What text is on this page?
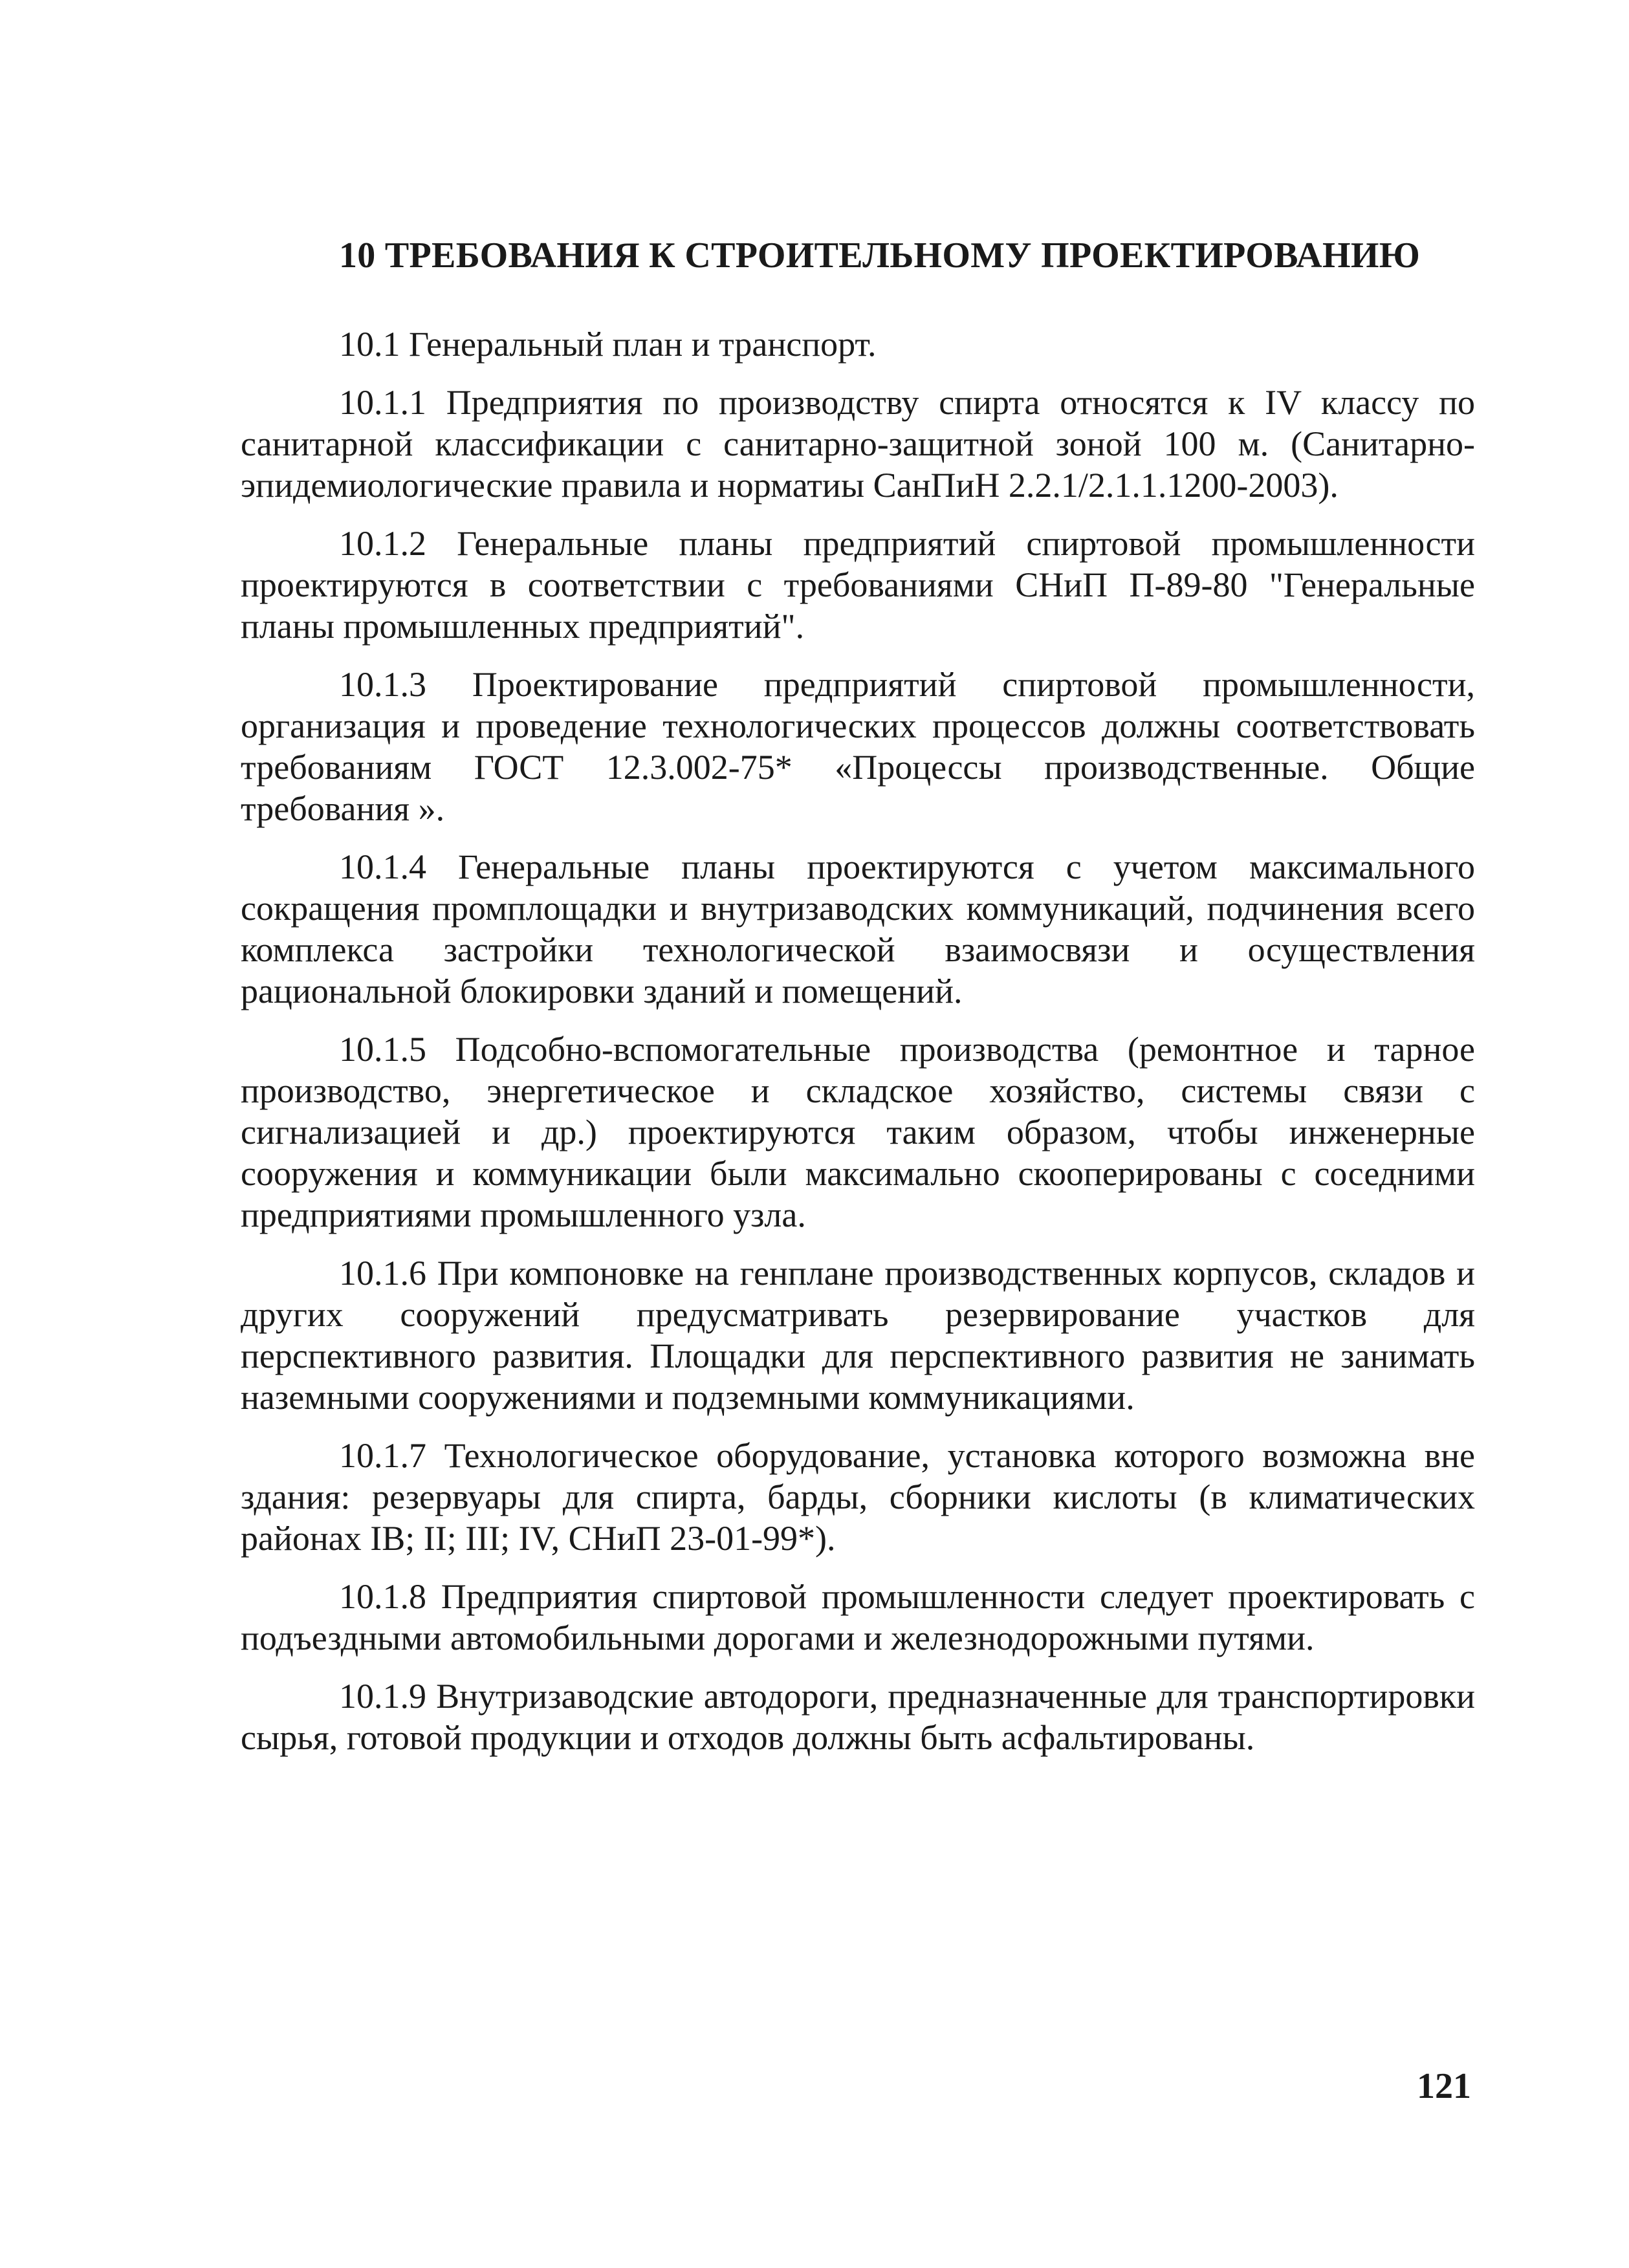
10 ТРЕБОВАНИЯ К СТРОИТЕЛЬНОМУ ПРОЕКТИРОВАНИЮ

10.1 Генеральный план и транспорт.

10.1.1 Предприятия по производству спирта относятся к IV классу по санитарной классификации с санитарно-защитной зоной 100 м. (Санитарно-эпидемиологические правила и норматиы СанПиН 2.2.1/2.1.1.1200-2003).

10.1.2 Генеральные планы предприятий спиртовой промышленности проектируются в соответствии с требованиями СНиП П-89-80 "Генеральные планы промышленных предприятий".

10.1.3 Проектирование предприятий спиртовой промышленности, организация и проведение технологических процессов должны соответствовать требованиям ГОСТ 12.3.002-75* «Процессы производственные. Общие требования ».

10.1.4 Генеральные планы проектируются с учетом максимального сокращения промплощадки и внутризаводских коммуникаций, подчинения всего комплекса застройки технологической взаимосвязи и осуществления рациональной блокировки зданий и помещений.

10.1.5 Подсобно-вспомогательные производства (ремонтное и тарное производство, энергетическое и складское хозяйство, системы связи с сигнализацией и др.) проектируются таким образом, чтобы инженерные сооружения и коммуникации были максимально скооперированы с соседними предприятиями промышленного узла.

10.1.6 При компоновке на генплане производственных корпусов, складов и других сооружений предусматривать резервирование участков для перспективного развития. Площадки для перспективного развития не занимать наземными сооружениями и подземными коммуникациями.

10.1.7 Технологическое оборудование, установка которого возможна вне здания: резервуары для спирта, барды, сборники кислоты (в климатических районах IB; II; III; IV, СНиП 23-01-99*).

10.1.8 Предприятия спиртовой промышленности следует проектировать с подъездными автомобильными дорогами и железнодорожными путями.

10.1.9 Внутризаводские автодороги, предназначенные для транспортировки сырья, готовой продукции и отходов должны быть асфальтированы.

121
